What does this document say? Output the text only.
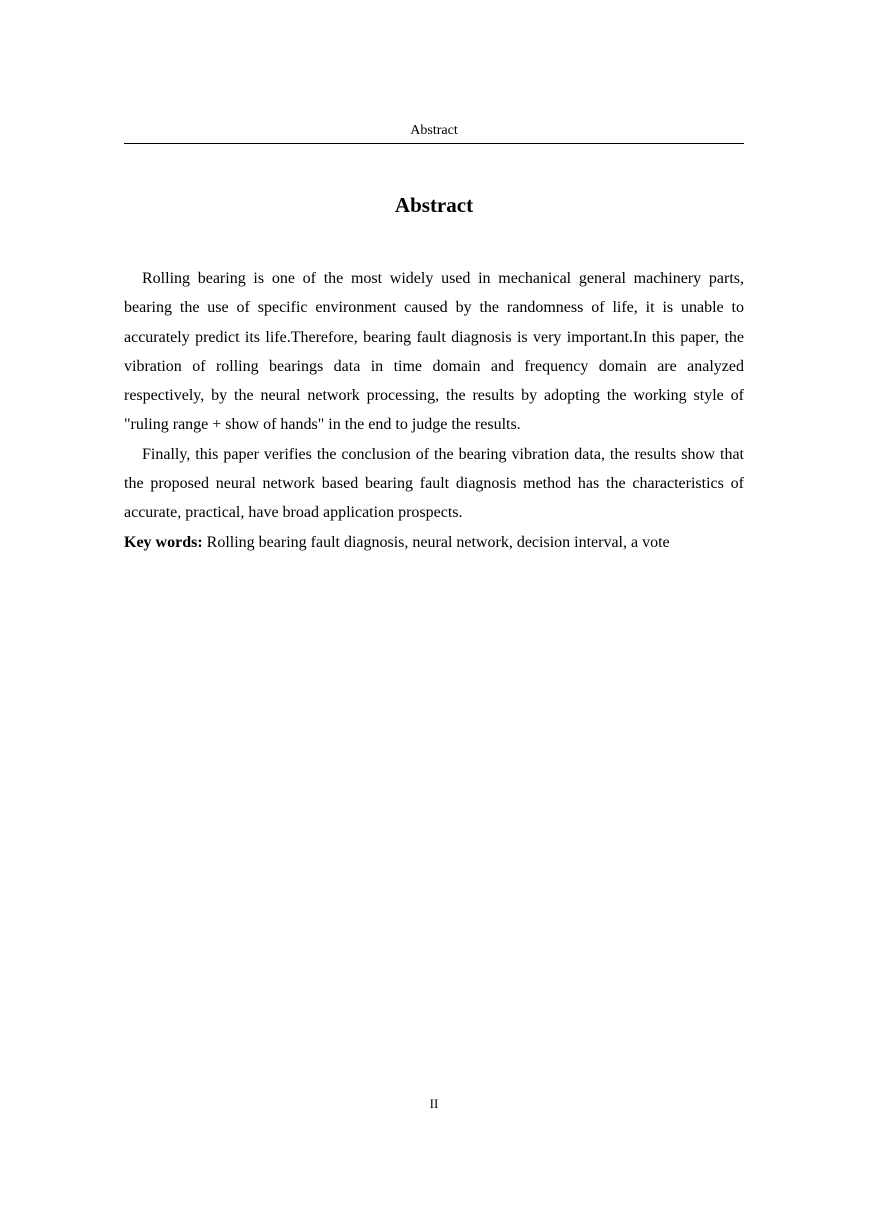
Abstract
Abstract

Rolling bearing is one of the most widely used in mechanical general machinery parts, bearing the use of specific environment caused by the randomness of life, it is unable to accurately predict its life.Therefore, bearing fault diagnosis is very important.In this paper, the vibration of rolling bearings data in time domain and frequency domain are analyzed respectively, by the neural network processing, the results by adopting the working style of "ruling range + show of hands" in the end to judge the results.

Finally, this paper verifies the conclusion of the bearing vibration data, the results show that the proposed neural network based bearing fault diagnosis method has the characteristics of accurate, practical, have broad application prospects.

Key words: Rolling bearing fault diagnosis, neural network, decision interval, a vote

II
